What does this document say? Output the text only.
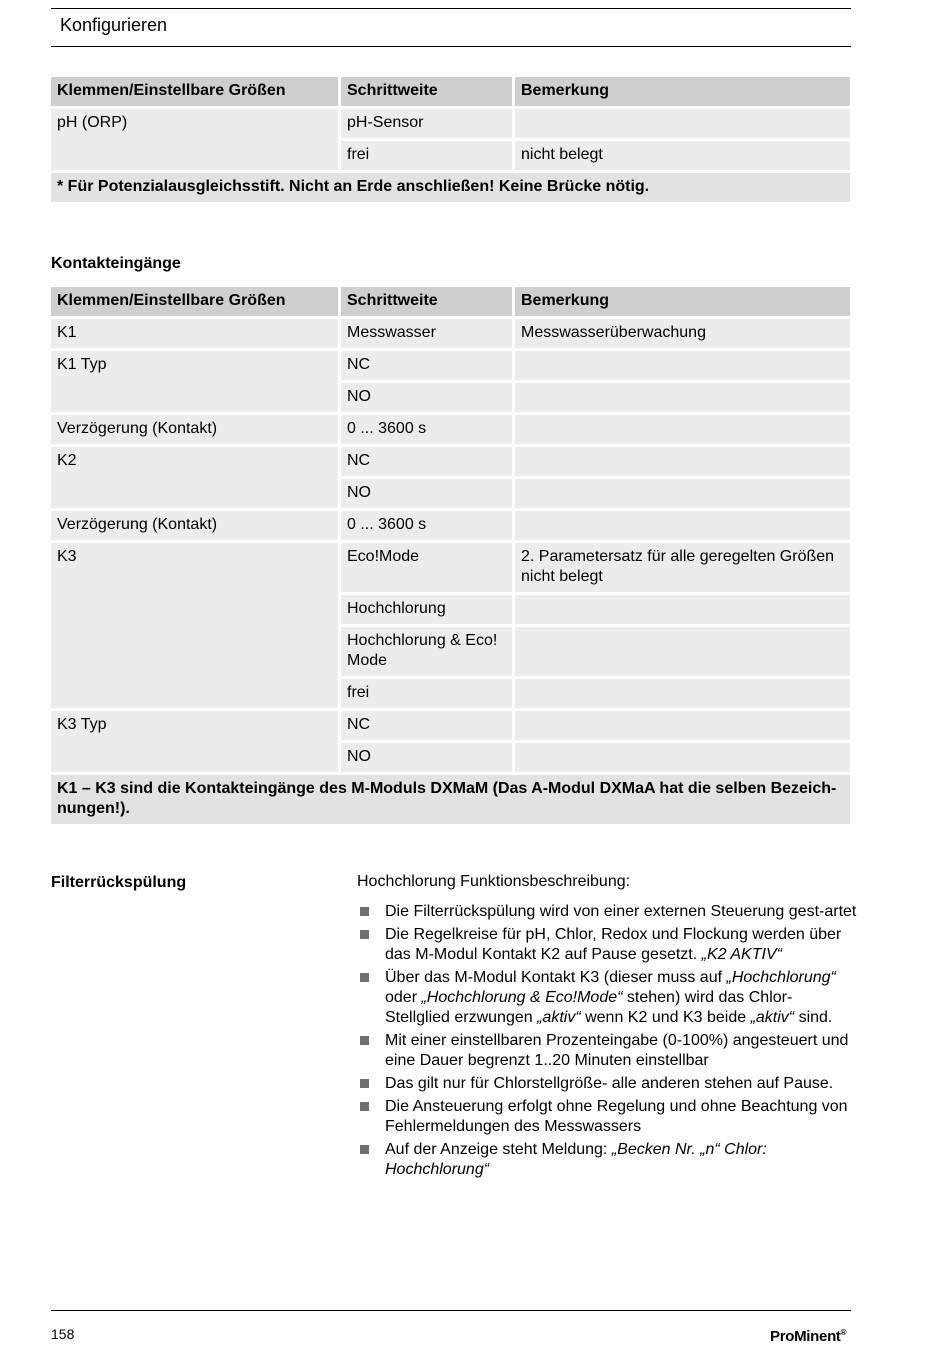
Konfigurieren
Klemmen/Einstellbare Größen	Schrittweite	Bemerkung
pH (ORP)	pH-Sensor	
	frei	nicht belegt
* Für Potenzialausgleichsstift. Nicht an Erde anschließen! Keine Brücke nötig.		
Kontakteingänge
Klemmen/Einstellbare Größen	Schrittweite	Bemerkung
K1	Messwasser	Messwasserüberwachung
K1 Typ	NC	
	NO	
Verzögerung (Kontakt)	0 ... 3600 s	
K2	NC	
	NO	
Verzögerung (Kontakt)	0 ... 3600 s	
K3	Eco!Mode	2. Parametersatz für alle geregelten Größen nicht belegt
	Hochchlorung	
	Hochchlorung & Eco! Mode	
	frei	
K3 Typ	NC	
	NO	
K1 – K3 sind die Kontakteingänge des M-Moduls DXMaM (Das A-Modul DXMaA hat die selben Bezeich-nungen!).		
Filterrückspülung	Hochchlorung Funktionsbeschreibung:
Die Filterrückspülung wird von einer externen Steuerung gest-artet
Die Regelkreise für pH, Chlor, Redox und Flockung werden über das M-Modul Kontakt K2 auf Pause gesetzt. „K2 AKTIV“
Über das M-Modul Kontakt K3 (dieser muss auf „Hochchlorung“ oder „Hochchlorung & Eco!Mode“ stehen) wird das Chlor-Stellglied erzwungen „aktiv“ wenn K2 und K3 beide „aktiv“ sind.
Mit einer einstellbaren Prozenteingabe (0-100%) angesteuert und eine Dauer begrenzt 1..20 Minuten einstellbar
Das gilt nur für Chlorstellgröße- alle anderen stehen auf Pause.
Die Ansteuerung erfolgt ohne Regelung und ohne Beachtung von Fehlermeldungen des Messwassers
Auf der Anzeige steht Meldung: „Becken Nr. „n“ Chlor: Hochchlorung“
158	ProMinent®
